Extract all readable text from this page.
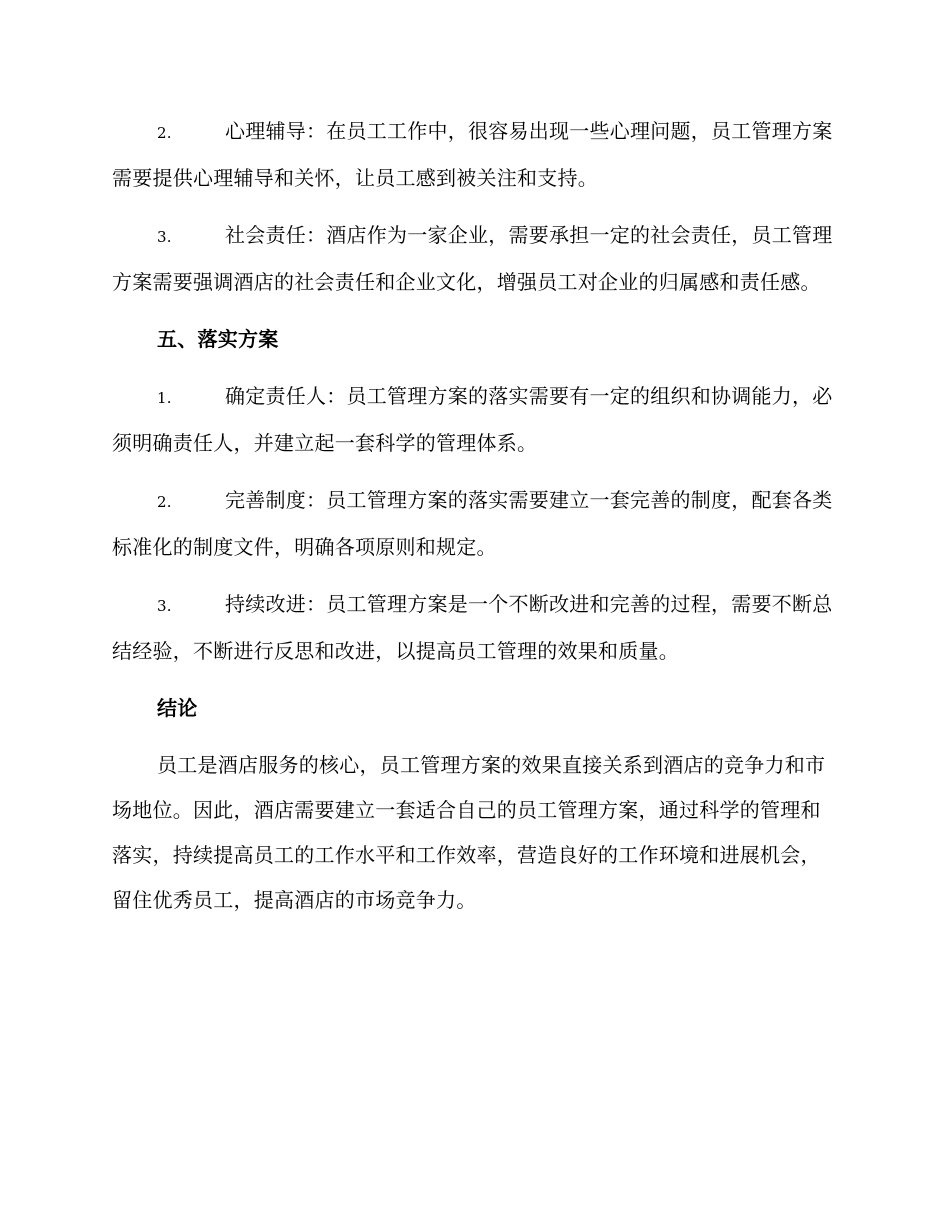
2.	心理辅导：在员工工作中，很容易出现一些心理问题，员工管理方案需要提供心理辅导和关怀，让员工感到被关注和支持。

3.	社会责任：酒店作为一家企业，需要承担一定的社会责任，员工管理方案需要强调酒店的社会责任和企业文化，增强员工对企业的归属感和责任感。

五、落实方案

1.	确定责任人：员工管理方案的落实需要有一定的组织和协调能力，必须明确责任人，并建立起一套科学的管理体系。

2.	完善制度：员工管理方案的落实需要建立一套完善的制度，配套各类标准化的制度文件，明确各项原则和规定。

3.	持续改进：员工管理方案是一个不断改进和完善的过程，需要不断总结经验，不断进行反思和改进，以提高员工管理的效果和质量。

结论

员工是酒店服务的核心，员工管理方案的效果直接关系到酒店的竞争力和市场地位。因此，酒店需要建立一套适合自己的员工管理方案，通过科学的管理和落实，持续提高员工的工作水平和工作效率，营造良好的工作环境和进展机会，留住优秀员工，提高酒店的市场竞争力。
